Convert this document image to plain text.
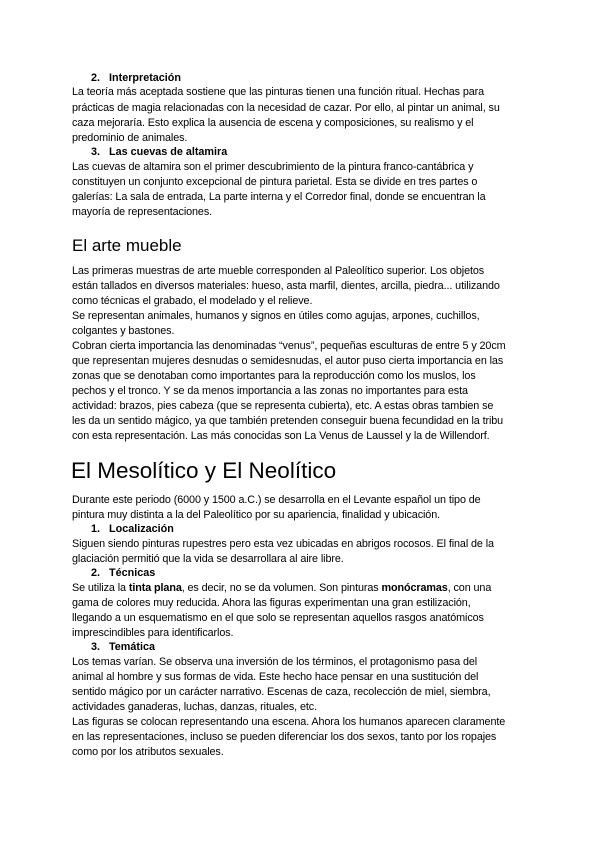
2. Interpretación
La teoría más aceptada sostiene que las pinturas tienen una función ritual. Hechas para
prácticas de magia relacionadas con la necesidad de cazar. Por ello, al pintar un animal, su
caza mejoraría. Esto explica la ausencia de escena y composiciones, su realismo y el
predominio de animales.
3. Las cuevas de altamira
Las cuevas de altamira son el primer descubrimiento de la pintura franco-cantábrica y
constituyen un conjunto excepcional de pintura parietal. Esta se divide en tres partes o
galerías: La sala de entrada, La parte interna y el Corredor final, donde se encuentran la
mayoría de representaciones.
El arte mueble
Las primeras muestras de arte mueble corresponden al Paleolítico superior. Los objetos
están tallados en diversos materiales: hueso, asta marfil, dientes, arcilla, piedra... utilizando
como técnicas el grabado, el modelado y el relieve.
Se representan animales, humanos y signos en útiles como agujas, arpones, cuchillos,
colgantes y bastones.
Cobran cierta importancia las denominadas “venus”, pequeñas esculturas de entre 5 y 20cm
que representan mujeres desnudas o semidesnudas, el autor puso cierta importancia en las
zonas que se denotaban como importantes para la reproducción como los muslos, los
pechos y el tronco. Y se da menos importancia a las zonas no importantes para esta
actividad: brazos, pies cabeza (que se representa cubierta), etc. A estas obras tambien se
les da un sentido mágico, ya que también pretenden conseguir buena fecundidad en la tribu
con esta representación. Las más conocidas son La Venus de Laussel y la de Willendorf.
El Mesolítico y El Neolítico
Durante este periodo (6000 y 1500 a.C.) se desarrolla en el Levante español un tipo de
pintura muy distinta a la del Paleolítico por su apariencia, finalidad y ubicación.
1. Localización
Siguen siendo pinturas rupestres pero esta vez ubicadas en abrigos rocosos. El final de la
glaciación permitió que la vida se desarrollara al aire libre.
2. Técnicas
Se utiliza la tinta plana, es decir, no se da volumen. Son pinturas monócramas, con una
gama de colores muy reducida. Ahora las figuras experimentan una gran estilización,
llegando a un esquematismo en el que solo se representan aquellos rasgos anatómicos
imprescindibles para identificarlos.
3. Temática
Los temas varían. Se observa una inversión de los términos, el protagonismo pasa del
animal al hombre y sus formas de vida. Este hecho hace pensar en una sustitución del
sentido mágico por un carácter narrativo. Escenas de caza, recolección de miel, siembra,
actividades ganaderas, luchas, danzas, rituales, etc.
Las figuras se colocan representando una escena. Ahora los humanos aparecen claramente
en las representaciones, incluso se pueden diferenciar los dos sexos, tanto por los ropajes
como por los atributos sexuales.
